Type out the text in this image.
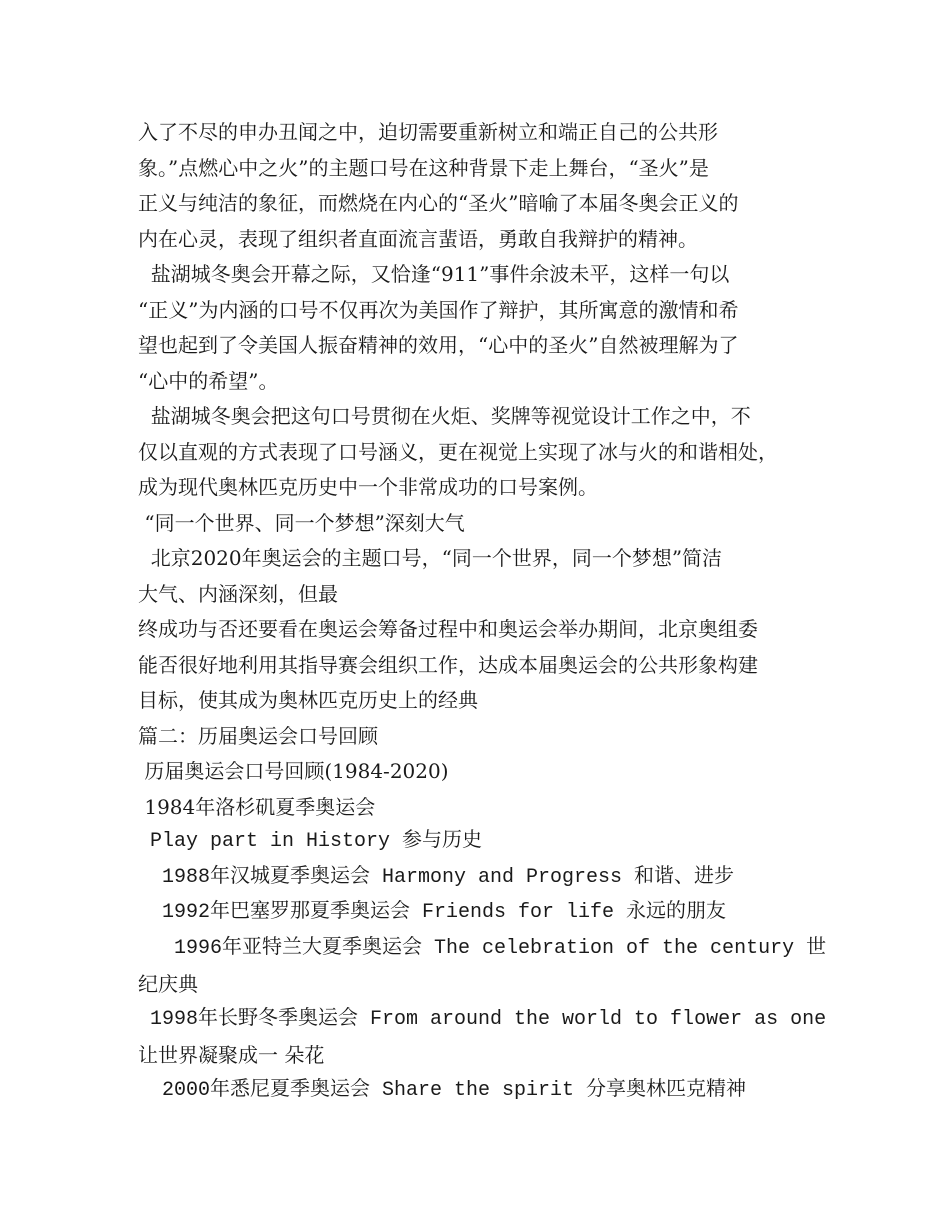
入了不尽的申办丑闻之中，迫切需要重新树立和端正自己的公共形
象。”点燃心中之火”的主题口号在这种背景下走上舞台，“圣火”是
正义与纯洁的象征，而燃烧在内心的“圣火”暗喻了本届冬奥会正义的
内在心灵，表现了组织者直面流言蜚语，勇敢自我辩护的精神。
盐湖城冬奥会开幕之际，又恰逢“911”事件余波未平，这样一句以
“正义”为内涵的口号不仅再次为美国作了辩护，其所寓意的激情和希
望也起到了令美国人振奋精神的效用，“心中的圣火”自然被理解为了
“心中的希望”。
盐湖城冬奥会把这句口号贯彻在火炬、奖牌等视觉设计工作之中，不
仅以直观的方式表现了口号涵义，更在视觉上实现了冰与火的和谐相处，
成为现代奥林匹克历史中一个非常成功的口号案例。
“同一个世界、同一个梦想”深刻大气
北京2020年奥运会的主题口号，“同一个世界，同一个梦想”简洁
大气、内涵深刻，但最
终成功与否还要看在奥运会筹备过程中和奥运会举办期间，北京奥组委
能否很好地利用其指导赛会组织工作，达成本届奥运会的公共形象构建
目标，使其成为奥林匹克历史上的经典
篇二：历届奥运会口号回顾
历届奥运会口号回顾(1984-2020)
1984年洛杉矶夏季奥运会
Play part in History 参与历史
1988年汉城夏季奥运会 Harmony and Progress 和谐、进步
1992年巴塞罗那夏季奥运会 Friends for life 永远的朋友
1996年亚特兰大夏季奥运会 The celebration of the century 世
纪庆典
1998年长野冬季奥运会 From around the world to flower as one
让世界凝聚成一 朵花
2000年悉尼夏季奥运会 Share the spirit 分享奥林匹克精神
